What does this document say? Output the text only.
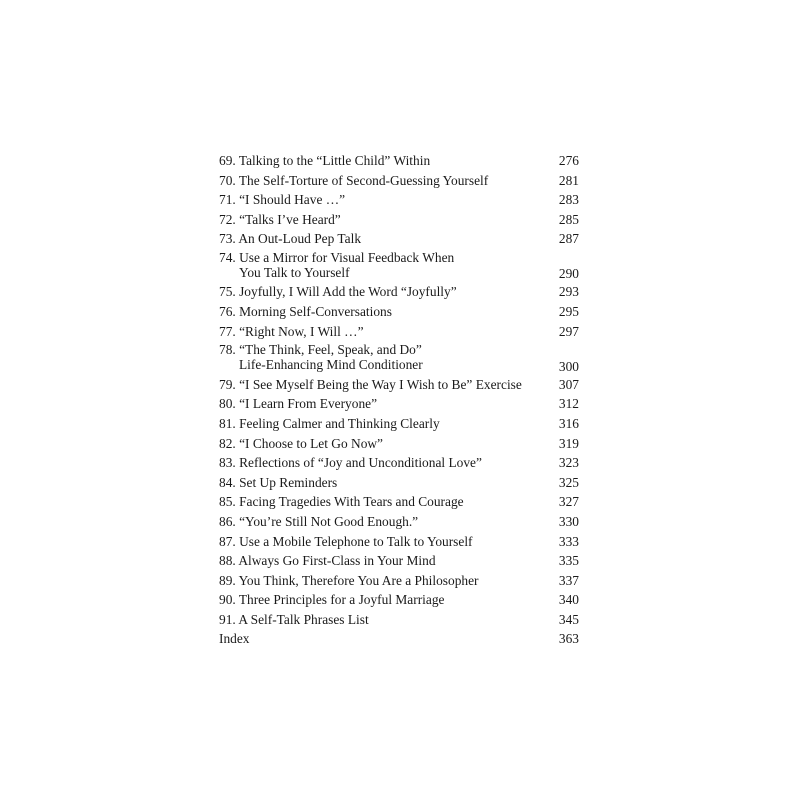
69. Talking to the “Little Child” Within	276
70. The Self-Torture of Second-Guessing Yourself	281
71. “I Should Have …”	283
72. “Talks I’ve Heard”	285
73. An Out-Loud Pep Talk	287
74. Use a Mirror for Visual Feedback When
You Talk to Yourself	290
75. Joyfully, I Will Add the Word “Joyfully”	293
76. Morning Self-Conversations	295
77. “Right Now, I Will …”	297
78. “The Think, Feel, Speak, and Do”
Life-Enhancing Mind Conditioner	300
79. “I See Myself Being the Way I Wish to Be” Exercise	307
80. “I Learn From Everyone”	312
81. Feeling Calmer and Thinking Clearly	316
82. “I Choose to Let Go Now”	319
83. Reflections of “Joy and Unconditional Love”	323
84. Set Up Reminders	325
85. Facing Tragedies With Tears and Courage	327
86. “You’re Still Not Good Enough.”	330
87. Use a Mobile Telephone to Talk to Yourself	333
88. Always Go First-Class in Your Mind	335
89. You Think, Therefore You Are a Philosopher	337
90. Three Principles for a Joyful Marriage	340
91. A Self-Talk Phrases List	345
Index	363
